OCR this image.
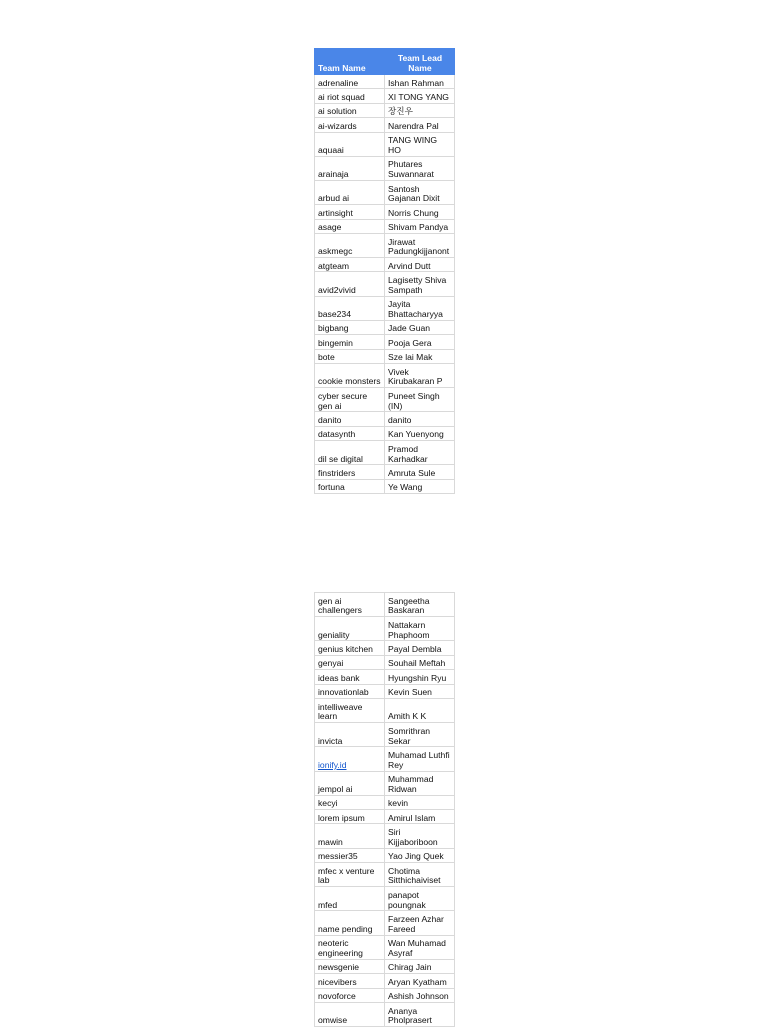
Team Name	Team Lead Name
adrenaline	Ishan Rahman
ai riot squad	XI TONG YANG
ai solution	장진우
ai-wizards	Narendra Pal
aquaai	TANG WING HO
arainaja	Phutares Suwannarat
arbud ai	Santosh Gajanan Dixit
artinsight	Norris Chung
asage	Shivam Pandya
askmegc	Jirawat Padungkijjanont
atgteam	Arvind Dutt
avid2vivid	Lagisetty Shiva Sampath
base234	Jayita Bhattacharyya
bigbang	Jade Guan
bingemin	Pooja Gera
bote	Sze lai Mak
cookie monsters	Vivek Kirubakaran P
cyber secure gen ai	Puneet Singh (IN)
danito	danito
datasynth	Kan Yuenyong
dil se digital	Pramod Karhadkar
finstriders	Amruta Sule
fortuna	Ye Wang
gen ai challengers	Sangeetha Baskaran
geniality	Nattakarn Phaphoom
genius kitchen	Payal Dembla
genyai	Souhail Meftah
ideas bank	Hyungshin Ryu
innovationlab	Kevin Suen
intelliweave learn	Amith K K
invicta	Somrithran Sekar
ionify.id	Muhamad Luthfi Rey
jempol ai	Muhammad Ridwan
kecyi	kevin
lorem ipsum	Amirul Islam
mawin	Siri Kijjaboriboon
messier35	Yao Jing Quek
mfec x venture lab	Chotima Sitthichaiviset
mfed	panapot poungnak
name pending	Farzeen Azhar Fareed
neoteric engineering	Wan Muhamad Asyraf
newsgenie	Chirag Jain
nicevibers	Aryan Kyatham
novoforce	Ashish Johnson
omwise	Ananya Pholprasert
